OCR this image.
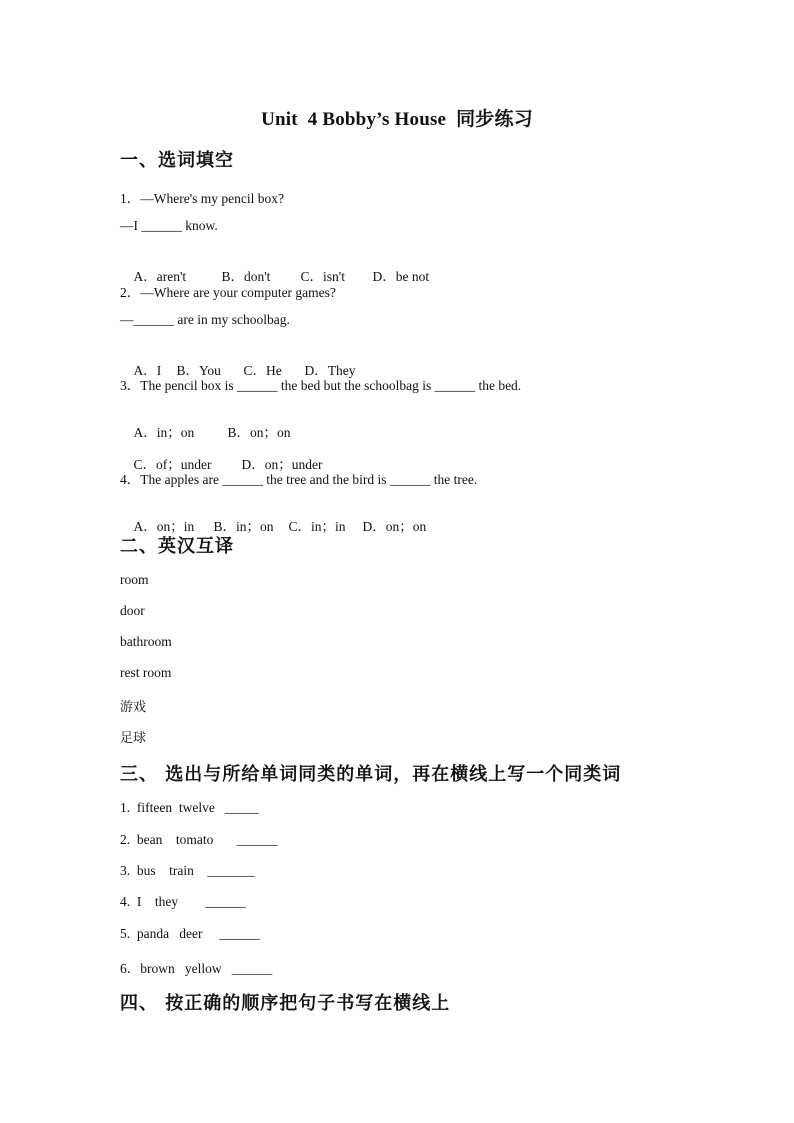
Unit  4 Bobby’s House 同步练习
一、选词填空
1．—Where's my pencil box?
—I ______ know.

A．aren't	B．don't C．isn't D．be not

2．—Where are your computer games?
—______ are in my schoolbag.

A．I B．You C．He D．They

3．The pencil box is ______ the bed but the schoolbag is ______ the bed.

A．in；on B．on；on

C．of；under D．on；under

4．The apples are ______ the tree and the bird is ______ the tree.

A．on；in B．in；on C．in；in D．on；on

二、英汉互译
room
door
bathroom
rest room
游戏
足球
三、 选出与所给单词同类的单词，再在横线上写一个同类词
1.  fifteen  twelve   _____
2.  bean    tomato       ______
3.  bus    train    _______
4.  I    they        ______
5.  panda   deer     ______
6．brown   yellow   ______
四、 按正确的顺序把句子书写在横线上
